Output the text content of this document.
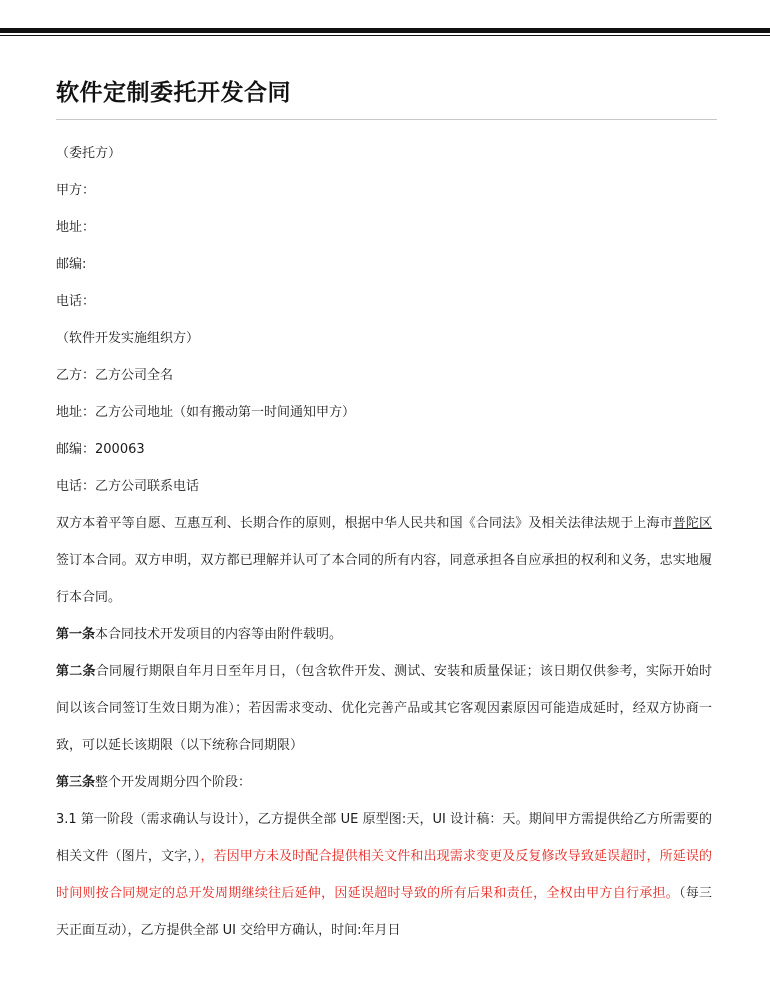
软件定制委托开发合同
（委托方）
甲方：
地址：
邮编:
电话：
（软件开发实施组织方）
乙方：乙方公司全名
地址：乙方公司地址（如有搬动第一时间通知甲方）
邮编：200063
电话：乙方公司联系电话
双方本着平等自愿、互惠互利、长期合作的原则，根据中华人民共和国《合同法》及相关法律法规于上海市普陀区签订本合同。双方申明，双方都已理解并认可了本合同的所有内容，同意承担各自应承担的权利和义务，忠实地履行本合同。
第一条本合同技术开发项目的内容等由附件载明。
第二条合同履行期限自年月日至年月日，（包含软件开发、测试、安装和质量保证；该日期仅供参考，实际开始时间以该合同签订生效日期为准）；若因需求变动、优化完善产品或其它客观因素原因可能造成延时，经双方协商一致，可以延长该期限（以下统称合同期限）
第三条整个开发周期分四个阶段：
3.1 第一阶段（需求确认与设计），乙方提供全部 UE 原型图:天，UI 设计稿：天。期间甲方需提供给乙方所需要的相关文件（图片，文字，），若因甲方未及时配合提供相关文件和出现需求变更及反复修改导致延误超时，所延误的时间则按合同规定的总开发周期继续往后延伸，因延误超时导致的所有后果和责任，全权由甲方自行承担。（每三天正面互动），乙方提供全部 UI 交给甲方确认，时间:年月日
